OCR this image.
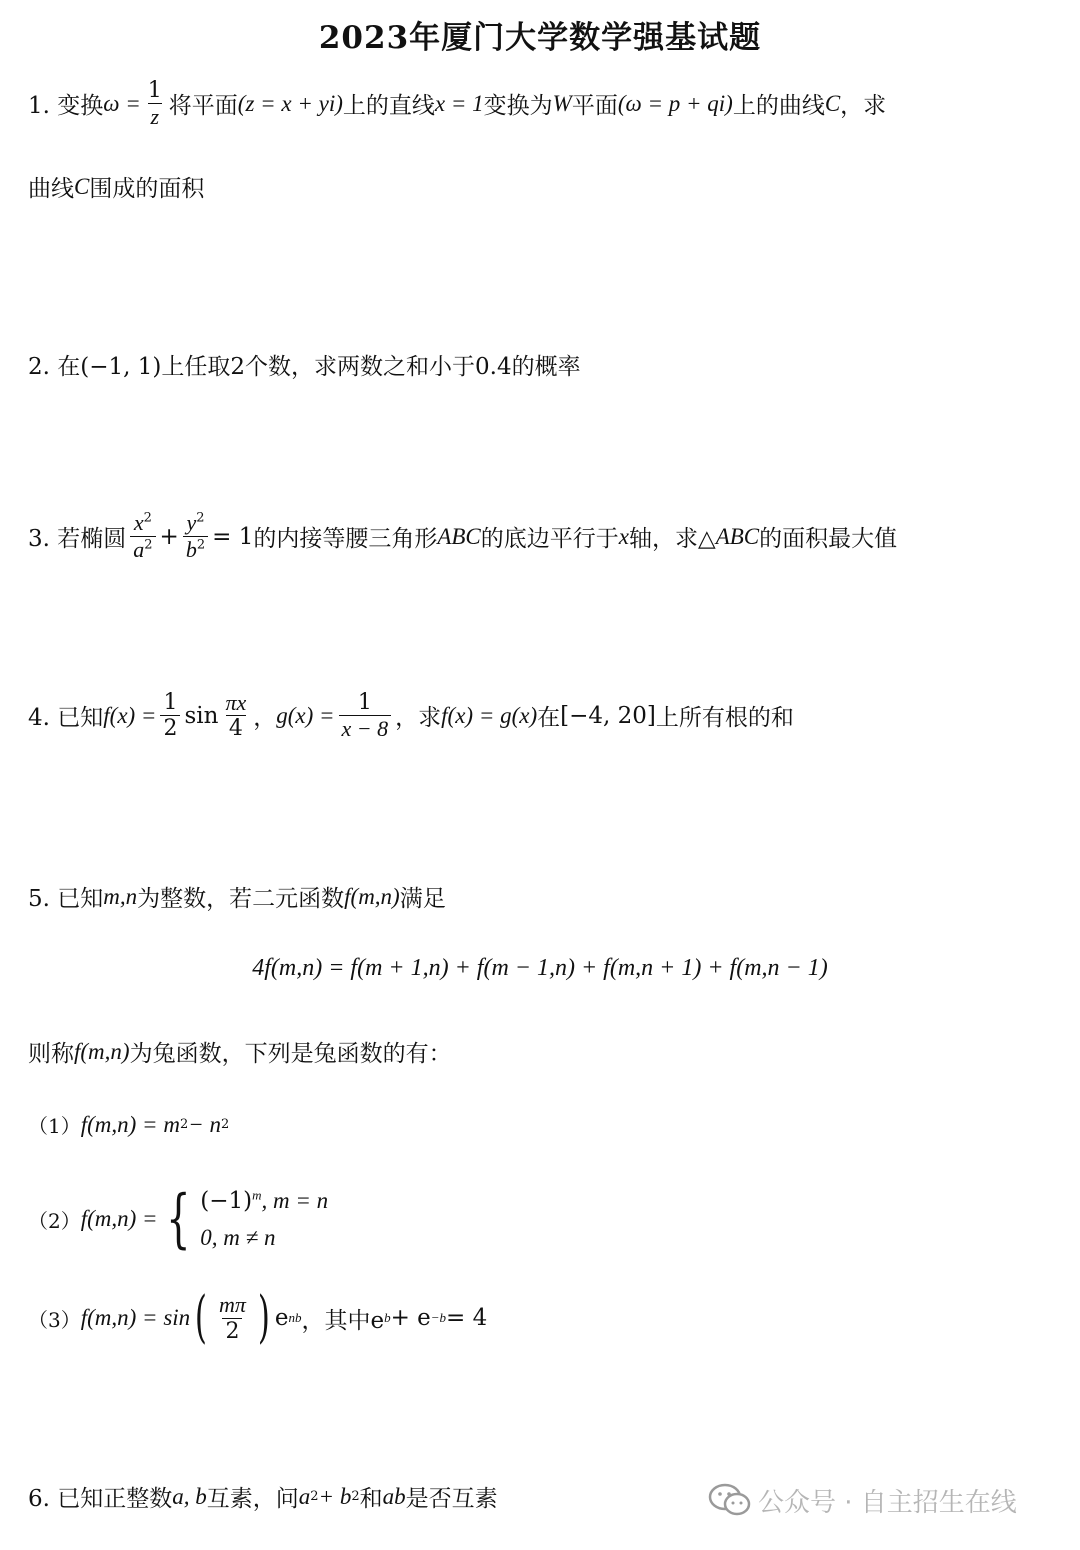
2023年厦门大学数学强基试题
1. 变换 $\omega = \frac{1}{z}$ 将平面 (z = x + yi) 上的直线 x = 1 变换为 W 平面 (ω = p + qi) 上的曲线 C ，求
曲线 C 围成的面积
2. 在(−1, 1)上任取2个数，求两数之和小于0.4的概率
3. 若椭圆 $\frac{x^2}{a^2} + \frac{y^2}{b^2} = 1$ 的内接等腰三角形 ABC 的底边平行于 x 轴，求△ ABC 的面积最大值
4. 已知 $f(x) = \frac{1}{2}$ $\sin \frac{\pi x}{4}$ ， $g(x) = \frac{1}{x - 8}$ ，求 f(x) = g(x) 在 [−4, 20] 上所有根的和
5. 已知 m,n 为整数，若二元函数 f(m,n) 满足
4f(m,n) = f(m + 1,n) + f(m − 1,n) + f(m,n + 1) + f(m,n − 1)
则称 f(m,n) 为兔函数，下列是兔函数的有：
（1） f(m,n) = m 2 − n 2
（2） f(m,n) = { $(-1)^m$, m = n
0, m ≠ n
（3） f(m,n) = sin ( $\frac{m\pi}{2}$ ) e nb ，其中e b + e −b = 4
6. 已知正整数 a, b 互素，问 a 2 + b 2 和 ab 是否互素	公众号 · 自主招生在线
